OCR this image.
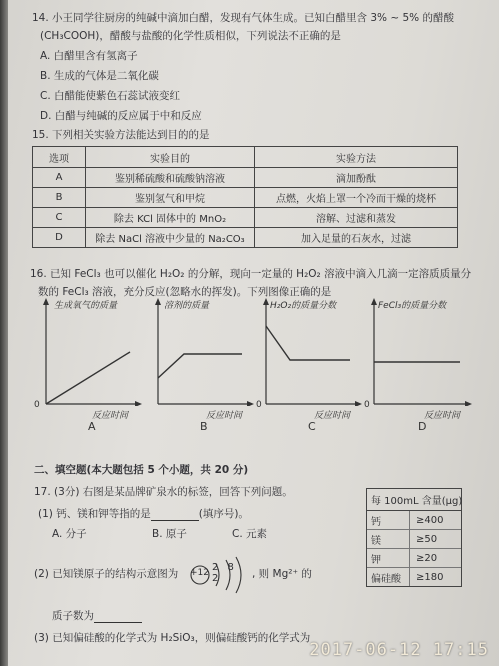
14. 小王同学往厨房的纯碱中滴加白醋，发现有气体生成。已知白醋里含 3% ~ 5% 的醋酸
(CH₃COOH)，醋酸与盐酸的化学性质相似，下列说法不正确的是
A. 白醋里含有氢离子
B. 生成的气体是二氧化碳
C. 白醋能使紫色石蕊试液变红
D. 白醋与纯碱的反应属于中和反应
15. 下列相关实验方法能达到目的的是
选项	实验目的	实验方法
A	鉴别稀硫酸和硫酸钠溶液	滴加酚酞
B	鉴别氢气和甲烷	点燃，火焰上罩一个冷而干燥的烧杯
C	除去 KCl 固体中的 MnO₂	溶解、过滤和蒸发
D	除去 NaCl 溶液中少量的 Na₂CO₃	加入足量的石灰水，过滤
16. 已知 FeCl₃ 也可以催化 H₂O₂ 的分解，现向一定量的 H₂O₂ 溶液中滴入几滴一定溶质质量分
数的 FeCl₃ 溶液，充分反应(忽略水的挥发)。下列图像正确的是
生成氧气的质量
反应时间
0
A
溶剂的质量
反应时间
B
H₂O₂的质量分数
反应时间
0
C
FeCl₃的质量分数
反应时间
0
D
二、填空题(本大题包括 5 个小题，共 20 分)
17. (3分) 右图是某品牌矿泉水的标签，回答下列问题。
(1) 钙、镁和钾等指的是	(填序号)。
A. 分子	B. 原子	C. 元素
(2) 已知镁原子的结构示意图为 +12 2 8 2	, 则 Mg²⁺ 的
质子数为
(3) 已知偏硅酸的化学式为 H₂SiO₃，则偏硅酸钙的化学式为
每 100mL 含量(μg)
钙	≥400
镁	≥50
钾	≥20
偏硅酸	≥180
2017-06-12 17:15
